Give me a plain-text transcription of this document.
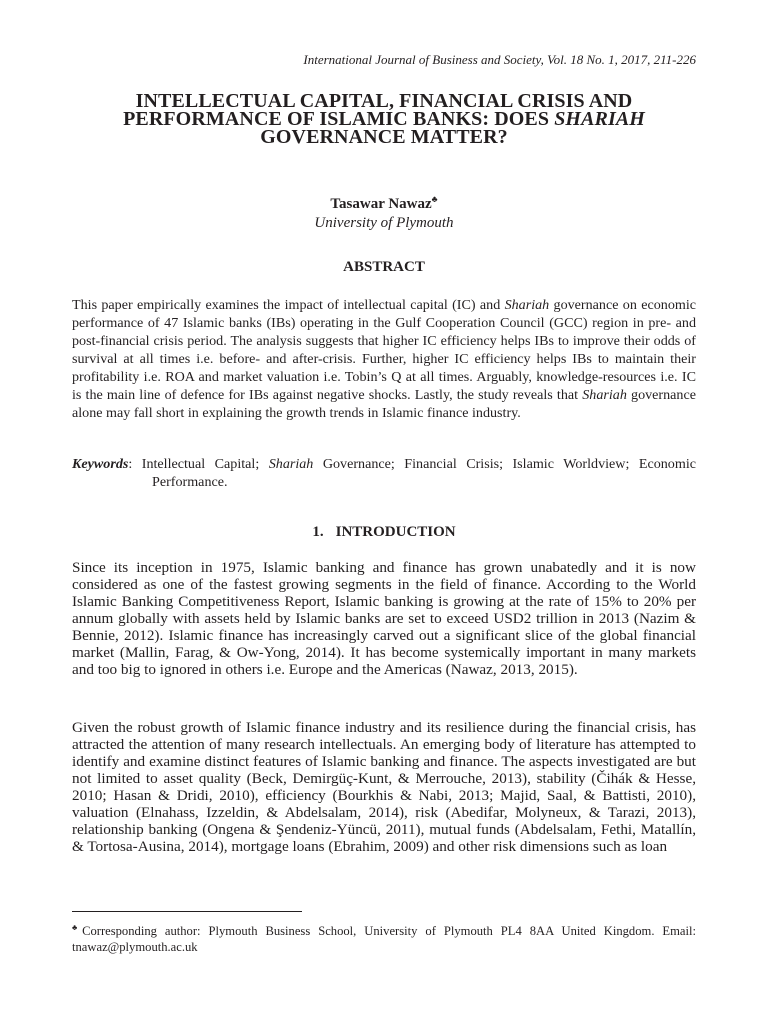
International Journal of Business and Society, Vol. 18 No. 1, 2017, 211-226
INTELLECTUAL CAPITAL, FINANCIAL CRISIS AND
PERFORMANCE OF ISLAMIC BANKS: DOES SHARIAH
GOVERNANCE MATTER?
Tasawar Nawaz♣
University of Plymouth
ABSTRACT

This paper empirically examines the impact of intellectual capital (IC) and Shariah governance on economic performance of 47 Islamic banks (IBs) operating in the Gulf Cooperation Council (GCC) region in pre- and post-financial crisis period. The analysis suggests that higher IC efficiency helps IBs to improve their odds of survival at all times i.e. before- and after-crisis. Further, higher IC efficiency helps IBs to maintain their profitability i.e. ROA and market valuation i.e. Tobin’s Q at all times. Arguably, knowledge-resources i.e. IC is the main line of defence for IBs against negative shocks. Lastly, the study reveals that Shariah governance alone may fall short in explaining the growth trends in Islamic finance industry.

Keywords: Intellectual Capital; Shariah Governance; Financial Crisis; Islamic Worldview; Economic Performance.

1. INTRODUCTION

Since its inception in 1975, Islamic banking and finance has grown unabatedly and it is now considered as one of the fastest growing segments in the field of finance. According to the World Islamic Banking Competitiveness Report, Islamic banking is growing at the rate of 15% to 20% per annum globally with assets held by Islamic banks are set to exceed USD2 trillion in 2013 (Nazim & Bennie, 2012). Islamic finance has increasingly carved out a significant slice of the global financial market (Mallin, Farag, & Ow-Yong, 2014). It has become systemically important in many markets and too big to ignored in others i.e. Europe and the Americas (Nawaz, 2013, 2015).

Given the robust growth of Islamic finance industry and its resilience during the financial crisis, has attracted the attention of many research intellectuals. An emerging body of literature has attempted to identify and examine distinct features of Islamic banking and finance. The aspects investigated are but not limited to asset quality (Beck, Demirgüç-Kunt, & Merrouche, 2013), stability (Čihák & Hesse, 2010; Hasan & Dridi, 2010), efficiency (Bourkhis & Nabi, 2013; Majid, Saal, & Battisti, 2010), valuation (Elnahass, Izzeldin, & Abdelsalam, 2014), risk (Abedifar, Molyneux, & Tarazi, 2013), relationship banking (Ongena & Şendeniz-Yüncü, 2011), mutual funds (Abdelsalam, Fethi, Matallín, & Tortosa-Ausina, 2014), mortgage loans (Ebrahim, 2009) and other risk dimensions such as loan

♣Corresponding author: Plymouth Business School, University of Plymouth PL4 8AA United Kingdom. Email: tnawaz@plymouth.ac.uk
